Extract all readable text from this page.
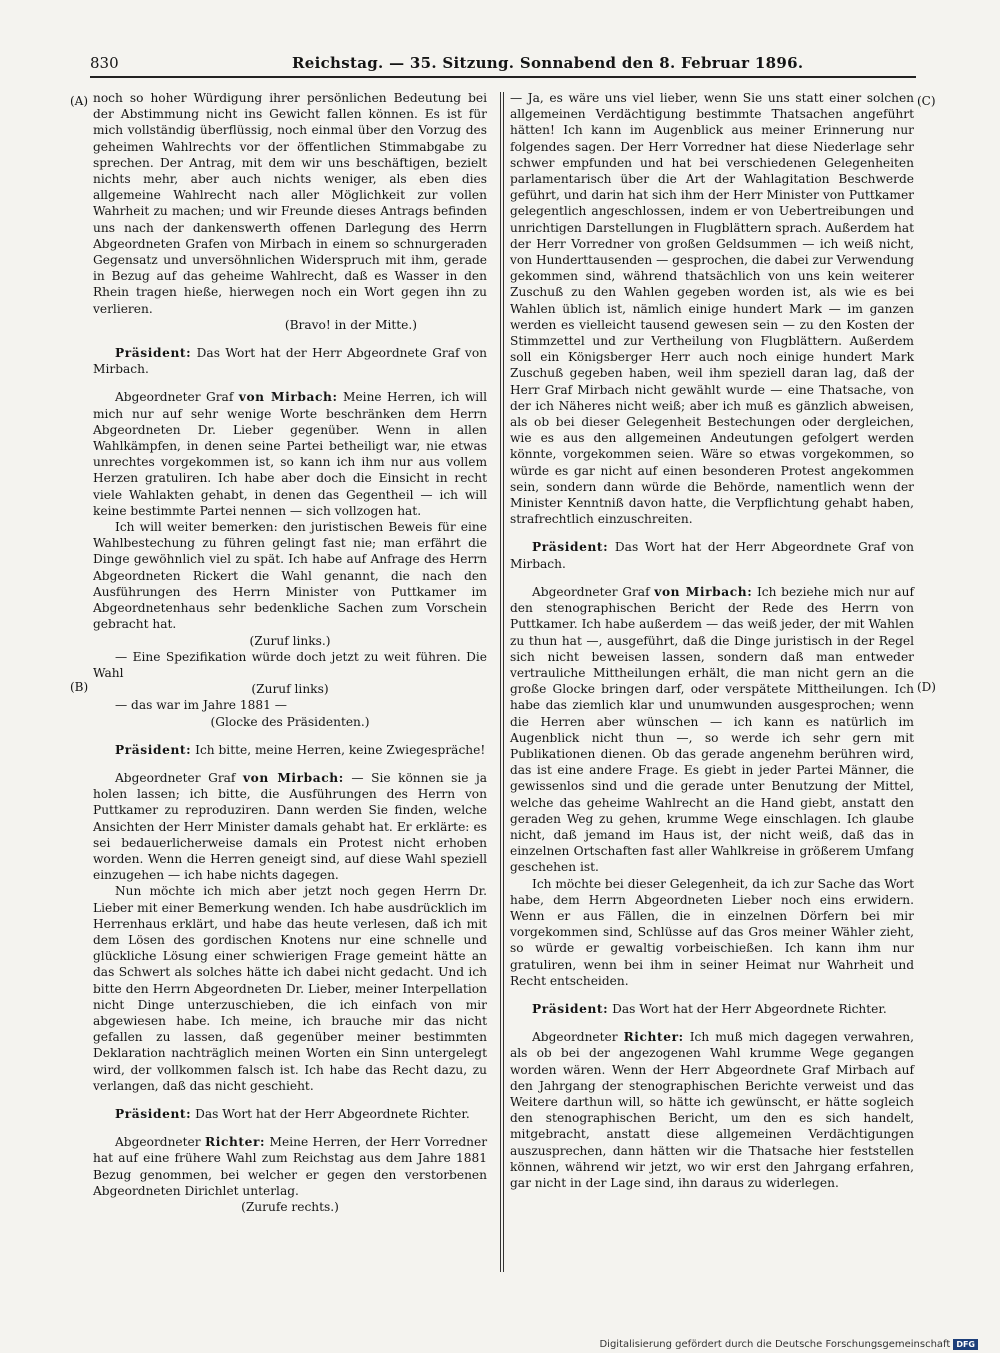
830	Reichstag. — 35. Sitzung. Sonnabend den 8. Februar 1896.
(A)
(B)
(C)
(D)

noch so hoher Würdigung ihrer persönlichen Bedeutung bei der Abstimmung nicht ins Gewicht fallen können. Es ist für mich vollständig überflüssig, noch einmal über den Vorzug des geheimen Wahlrechts vor der öffentlichen Stimmabgabe zu sprechen. Der Antrag, mit dem wir uns beschäftigen, bezielt nichts mehr, aber auch nichts weniger, als eben dies allgemeine Wahlrecht nach aller Möglichkeit zur vollen Wahrheit zu machen; und wir Freunde dieses Antrags befinden uns nach der dankenswerth offenen Darlegung des Herrn Abgeordneten Grafen von Mirbach in einem so schnurgeraden Gegensatz und unversöhnlichen Widerspruch mit ihm, gerade in Bezug auf das geheime Wahlrecht, daß es Wasser in den Rhein tragen hieße, hierwegen noch ein Wort gegen ihn zu verlieren.

(Bravo! in der Mitte.)

Präsident: Das Wort hat der Herr Abgeordnete Graf von Mirbach.

Abgeordneter Graf von Mirbach: Meine Herren, ich will mich nur auf sehr wenige Worte beschränken dem Herrn Abgeordneten Dr. Lieber gegenüber. Wenn in allen Wahlkämpfen, in denen seine Partei betheiligt war, nie etwas unrechtes vorgekommen ist, so kann ich ihm nur aus vollem Herzen gratuliren. Ich habe aber doch die Einsicht in recht viele Wahlakten gehabt, in denen das Gegentheil — ich will keine bestimmte Partei nennen — sich vollzogen hat.

Ich will weiter bemerken: den juristischen Beweis für eine Wahlbestechung zu führen gelingt fast nie; man erfährt die Dinge gewöhnlich viel zu spät. Ich habe auf Anfrage des Herrn Abgeordneten Rickert die Wahl genannt, die nach den Ausführungen des Herrn Minister von Puttkamer im Abgeordnetenhaus sehr bedenkliche Sachen zum Vorschein gebracht hat.

(Zuruf links.)

— Eine Spezifikation würde doch jetzt zu weit führen. Die Wahl

(Zuruf links)

— das war im Jahre 1881 —

(Glocke des Präsidenten.)

Präsident: Ich bitte, meine Herren, keine Zwiegespräche!

Abgeordneter Graf von Mirbach: — Sie können sie ja holen lassen; ich bitte, die Ausführungen des Herrn von Puttkamer zu reproduziren. Dann werden Sie finden, welche Ansichten der Herr Minister damals gehabt hat. Er erklärte: es sei bedauerlicherweise damals ein Protest nicht erhoben worden. Wenn die Herren geneigt sind, auf diese Wahl speziell einzugehen — ich habe nichts dagegen.

Nun möchte ich mich aber jetzt noch gegen Herrn Dr. Lieber mit einer Bemerkung wenden. Ich habe ausdrücklich im Herrenhaus erklärt, und habe das heute verlesen, daß ich mit dem Lösen des gordischen Knotens nur eine schnelle und glückliche Lösung einer schwierigen Frage gemeint hätte an das Schwert als solches hätte ich dabei nicht gedacht. Und ich bitte den Herrn Abgeordneten Dr. Lieber, meiner Interpellation nicht Dinge unterzuschieben, die ich einfach von mir abgewiesen habe. Ich meine, ich brauche mir das nicht gefallen zu lassen, daß gegenüber meiner bestimmten Deklaration nachträglich meinen Worten ein Sinn untergelegt wird, der vollkommen falsch ist. Ich habe das Recht dazu, zu verlangen, daß das nicht geschieht.

Präsident: Das Wort hat der Herr Abgeordnete Richter.

Abgeordneter Richter: Meine Herren, der Herr Vorredner hat auf eine frühere Wahl zum Reichstag aus dem Jahre 1881 Bezug genommen, bei welcher er gegen den verstorbenen Abgeordneten Dirichlet unterlag.

(Zurufe rechts.)

— Ja, es wäre uns viel lieber, wenn Sie uns statt einer solchen allgemeinen Verdächtigung bestimmte Thatsachen angeführt hätten! Ich kann im Augenblick aus meiner Erinnerung nur folgendes sagen. Der Herr Vorredner hat diese Niederlage sehr schwer empfunden und hat bei verschiedenen Gelegenheiten parlamentarisch über die Art der Wahlagitation Beschwerde geführt, und darin hat sich ihm der Herr Minister von Puttkamer gelegentlich angeschlossen, indem er von Uebertreibungen und unrichtigen Darstellungen in Flugblättern sprach. Außerdem hat der Herr Vorredner von großen Geldsummen — ich weiß nicht, von Hunderttausenden — gesprochen, die dabei zur Verwendung gekommen sind, während thatsächlich von uns kein weiterer Zuschuß zu den Wahlen gegeben worden ist, als wie es bei Wahlen üblich ist, nämlich einige hundert Mark — im ganzen werden es vielleicht tausend gewesen sein — zu den Kosten der Stimmzettel und zur Vertheilung von Flugblättern. Außerdem soll ein Königsberger Herr auch noch einige hundert Mark Zuschuß gegeben haben, weil ihm speziell daran lag, daß der Herr Graf Mirbach nicht gewählt wurde — eine Thatsache, von der ich Näheres nicht weiß; aber ich muß es gänzlich abweisen, als ob bei dieser Gelegenheit Bestechungen oder dergleichen, wie es aus den allgemeinen Andeutungen gefolgert werden könnte, vorgekommen seien. Wäre so etwas vorgekommen, so würde es gar nicht auf einen besonderen Protest angekommen sein, sondern dann würde die Behörde, namentlich wenn der Minister Kenntniß davon hatte, die Verpflichtung gehabt haben, strafrechtlich einzuschreiten.

Präsident: Das Wort hat der Herr Abgeordnete Graf von Mirbach.

Abgeordneter Graf von Mirbach: Ich beziehe mich nur auf den stenographischen Bericht der Rede des Herrn von Puttkamer. Ich habe außerdem — das weiß jeder, der mit Wahlen zu thun hat —, ausgeführt, daß die Dinge juristisch in der Regel sich nicht beweisen lassen, sondern daß man entweder vertrauliche Mittheilungen erhält, die man nicht gern an die große Glocke bringen darf, oder verspätete Mittheilungen. Ich habe das ziemlich klar und unumwunden ausgesprochen; wenn die Herren aber wünschen — ich kann es natürlich im Augenblick nicht thun —, so werde ich sehr gern mit Publikationen dienen. Ob das gerade angenehm berühren wird, das ist eine andere Frage. Es giebt in jeder Partei Männer, die gewissenlos sind und die gerade unter Benutzung der Mittel, welche das geheime Wahlrecht an die Hand giebt, anstatt den geraden Weg zu gehen, krumme Wege einschlagen. Ich glaube nicht, daß jemand im Haus ist, der nicht weiß, daß das in einzelnen Ortschaften fast aller Wahlkreise in größerem Umfang geschehen ist.

Ich möchte bei dieser Gelegenheit, da ich zur Sache das Wort habe, dem Herrn Abgeordneten Lieber noch eins erwidern. Wenn er aus Fällen, die in einzelnen Dörfern bei mir vorgekommen sind, Schlüsse auf das Gros meiner Wähler zieht, so würde er gewaltig vorbeischießen. Ich kann ihm nur gratuliren, wenn bei ihm in seiner Heimat nur Wahrheit und Recht entscheiden.

Präsident: Das Wort hat der Herr Abgeordnete Richter.

Abgeordneter Richter: Ich muß mich dagegen verwahren, als ob bei der angezogenen Wahl krumme Wege gegangen worden wären. Wenn der Herr Abgeordnete Graf Mirbach auf den Jahrgang der stenographischen Berichte verweist und das Weitere darthun will, so hätte ich gewünscht, er hätte sogleich den stenographischen Bericht, um den es sich handelt, mitgebracht, anstatt diese allgemeinen Verdächtigungen auszusprechen, dann hätten wir die Thatsache hier feststellen können, während wir jetzt, wo wir erst den Jahrgang erfahren, gar nicht in der Lage sind, ihn daraus zu widerlegen.

Digitalisierung gefördert durch die Deutsche Forschungsgemeinschaft DFG
